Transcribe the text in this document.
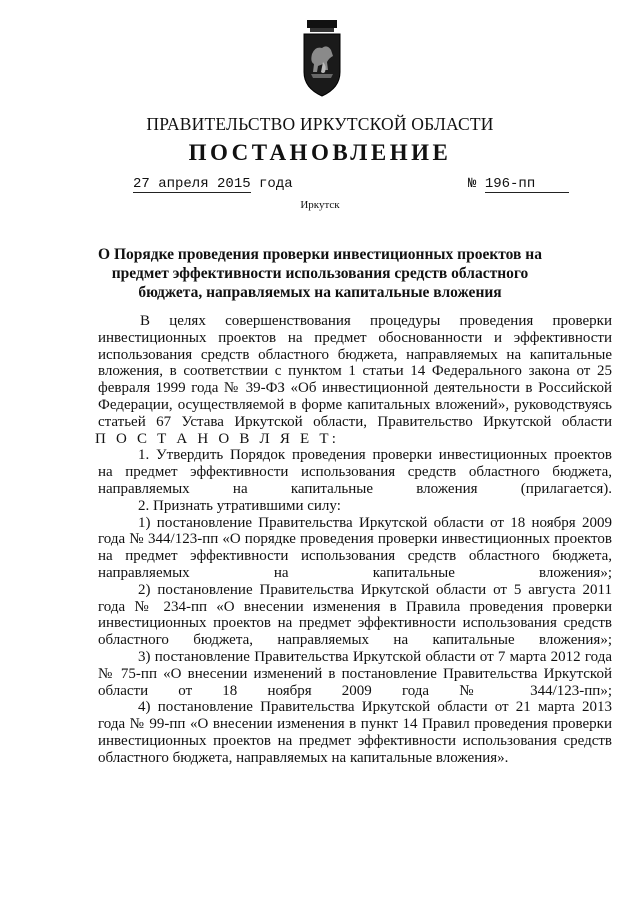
ПРАВИТЕЛЬСТВО ИРКУТСКОЙ ОБЛАСТИ
ПОСТАНОВЛЕНИЕ
27 апреля 2015 года	№ 196-пп
Иркутск
О Порядке проведения проверки инвестиционных проектов на предмет эффективности использования средств областного бюджета, направляемых на капитальные вложения

В целях совершенствования процедуры проведения проверки инвестиционных проектов на предмет обоснованности и эффективности использования средств областного бюджета, направляемых на капитальные вложения, в соответствии с пунктом 1 статьи 14 Федерального закона от 25 февраля 1999 года № 39-ФЗ «Об инвестиционной деятельности в Российской Федерации, осуществляемой в форме капитальных вложений», руководствуясь статьей 67 Устава Иркутской области, Правительство Иркутской области

П О С Т А Н О В Л Я Е Т:

1. Утвердить Порядок проведения проверки инвестиционных проектов на предмет эффективности использования средств областного бюджета, направляемых на капитальные вложения (прилагается).

2. Признать утратившими силу:

1) постановление Правительства Иркутской области от 18 ноября 2009 года № 344/123-пп «О порядке проведения проверки инвестиционных проектов на предмет эффективности использования средств областного бюджета, направляемых на капитальные вложения»;

2) постановление Правительства Иркутской области от 5 августа 2011 года № 234-пп «О внесении изменения в Правила проведения проверки инвестиционных проектов на предмет эффективности использования средств областного бюджета, направляемых на капитальные вложения»;

3) постановление Правительства Иркутской области от 7 марта 2012 года № 75-пп «О внесении изменений в постановление Правительства Иркутской области от 18 ноября 2009 года № 344/123-пп»;

4) постановление Правительства Иркутской области от 21 марта 2013 года № 99-пп «О внесении изменения в пункт 14 Правил проведения проверки инвестиционных проектов на предмет эффективности использования средств областного бюджета, направляемых на капитальные вложения».
